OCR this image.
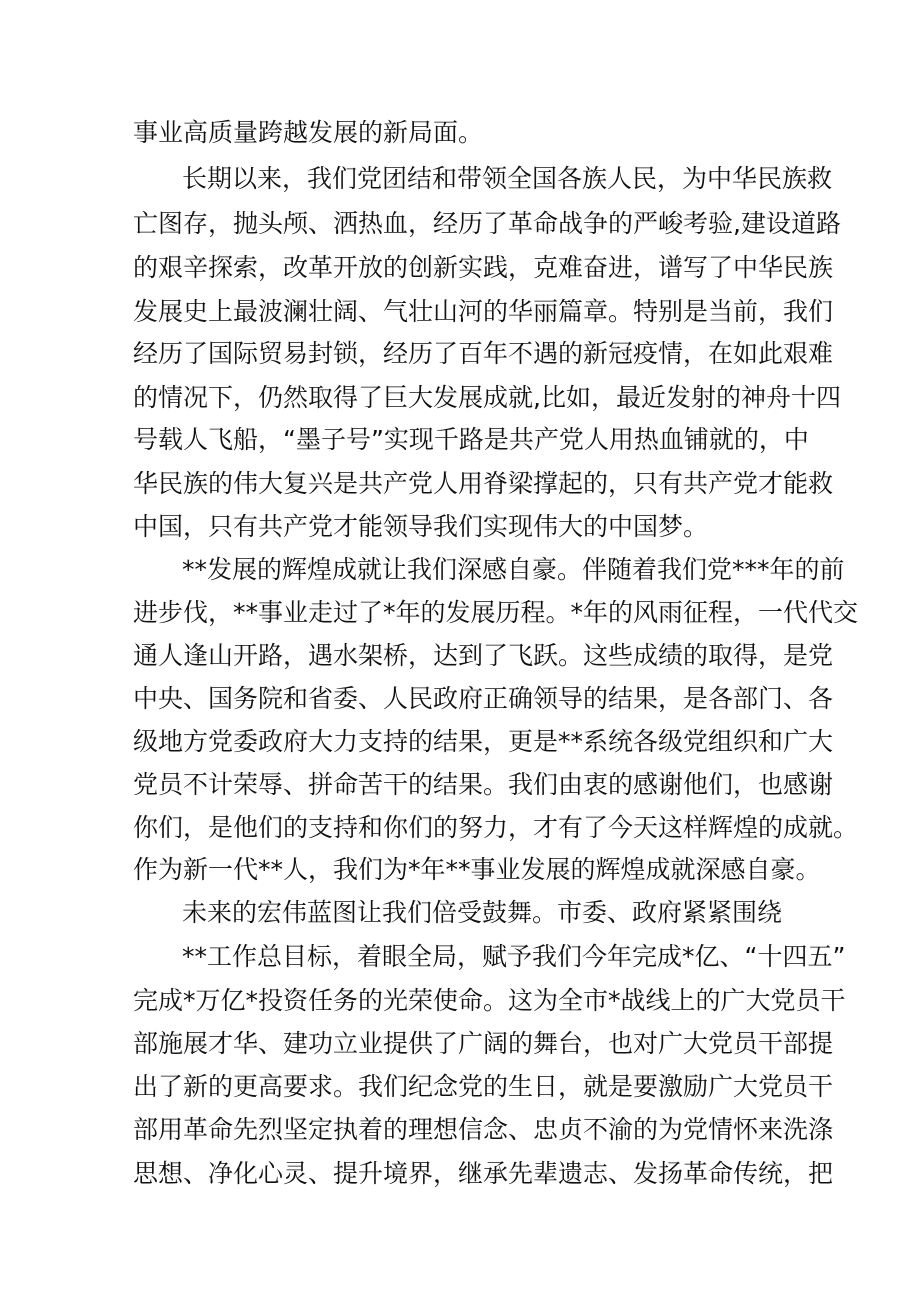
事业高质量跨越发展的新局面。
长期以来，我们党团结和带领全国各族人民，为中华民族救
亡图存，抛头颅、洒热血，经历了革命战争的严峻考验,建设道路
的艰辛探索，改革开放的创新实践，克难奋进，谱写了中华民族
发展史上最波澜壮阔、气壮山河的华丽篇章。特别是当前，我们
经历了国际贸易封锁，经历了百年不遇的新冠疫情，在如此艰难
的情况下，仍然取得了巨大发展成就,比如，最近发射的神舟十四
号载人飞船，“墨子号”实现千路是共产党人用热血铺就的，中
华民族的伟大复兴是共产党人用脊梁撑起的，只有共产党才能救
中国，只有共产党才能领导我们实现伟大的中国梦。
**发展的辉煌成就让我们深感自豪。伴随着我们党***年的前
进步伐，**事业走过了*年的发展历程。*年的风雨征程，一代代交
通人逢山开路，遇水架桥，达到了飞跃。这些成绩的取得，是党
中央、国务院和省委、人民政府正确领导的结果，是各部门、各
级地方党委政府大力支持的结果，更是**系统各级党组织和广大
党员不计荣辱、拼命苦干的结果。我们由衷的感谢他们，也感谢
你们，是他们的支持和你们的努力，才有了今天这样辉煌的成就。
作为新一代**人，我们为*年**事业发展的辉煌成就深感自豪。
未来的宏伟蓝图让我们倍受鼓舞。市委、政府紧紧围绕
**工作总目标，着眼全局，赋予我们今年完成*亿、“十四五”
完成*万亿*投资任务的光荣使命。这为全市*战线上的广大党员干
部施展才华、建功立业提供了广阔的舞台，也对广大党员干部提
出了新的更高要求。我们纪念党的生日，就是要激励广大党员干
部用革命先烈坚定执着的理想信念、忠贞不渝的为党情怀来洗涤
思想、净化心灵、提升境界，继承先辈遗志、发扬革命传统，把
